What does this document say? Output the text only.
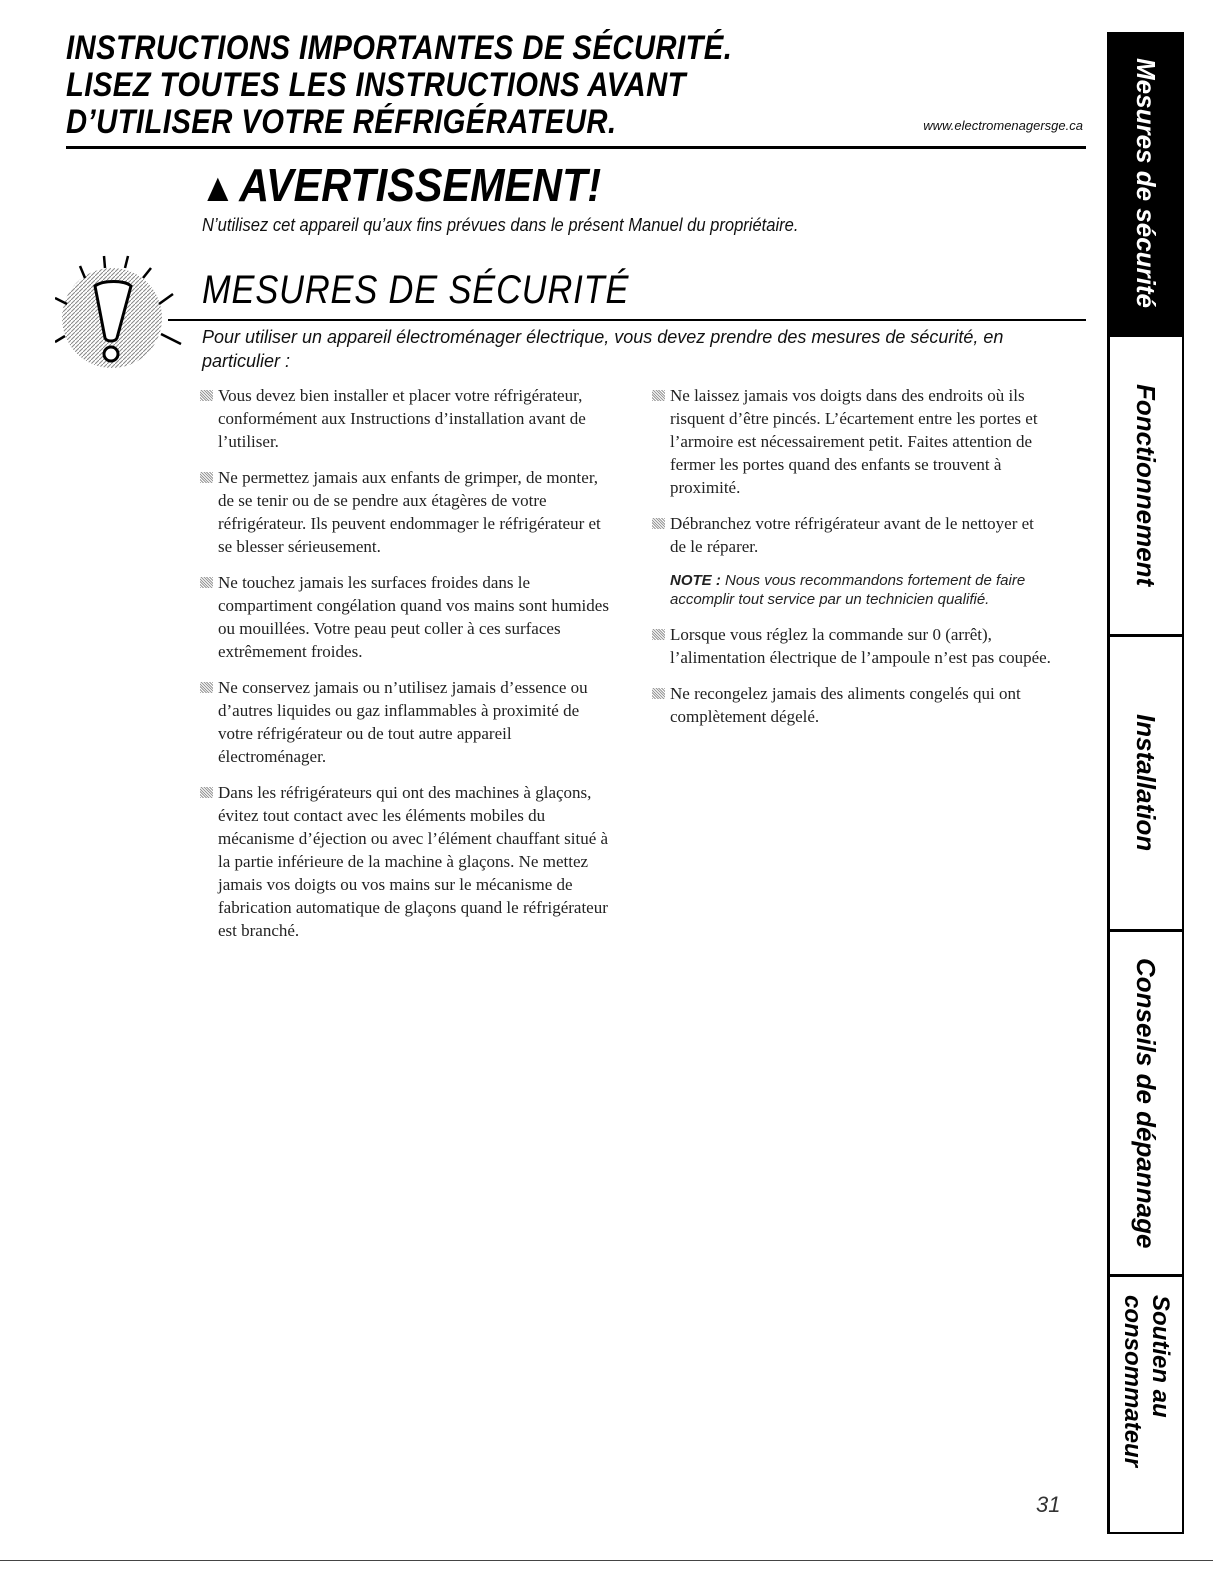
INSTRUCTIONS IMPORTANTES DE SÉCURITÉ.
LISEZ TOUTES LES INSTRUCTIONS AVANT
D’UTILISER VOTRE RÉFRIGÉRATEUR.	www.electromenagersge.ca
▲AVERTISSEMENT!
N’utilisez cet appareil qu’aux fins prévues dans le présent Manuel du propriétaire.
MESURES DE SÉCURITÉ
Pour utiliser un appareil électroménager électrique, vous devez prendre des mesures de sécurité, en particulier :
Vous devez bien installer et placer votre réfrigérateur, conformément aux Instructions d’installation avant de l’utiliser.
Ne permettez jamais aux enfants de grimper, de monter, de se tenir ou de se pendre aux étagères de votre réfrigérateur. Ils peuvent endommager le réfrigérateur et se blesser sérieusement.
Ne touchez jamais les surfaces froides dans le compartiment congélation quand vos mains sont humides ou mouillées. Votre peau peut coller à ces surfaces extrêmement froides.
Ne conservez jamais ou n’utilisez jamais d’essence ou d’autres liquides ou gaz inflammables à proximité de votre réfrigérateur ou de tout autre appareil électroménager.
Dans les réfrigérateurs qui ont des machines à glaçons, évitez tout contact avec les éléments mobiles du mécanisme d’éjection ou avec l’élément chauffant situé à la partie inférieure de la machine à glaçons. Ne mettez jamais vos doigts ou vos mains sur le mécanisme de fabrication automatique de glaçons quand le réfrigérateur est branché.
Ne laissez jamais vos doigts dans des endroits où ils risquent d’être pincés. L’écartement entre les portes et l’armoire est nécessairement petit. Faites attention de fermer les portes quand des enfants se trouvent à proximité.
Débranchez votre réfrigérateur avant de le nettoyer et de le réparer.
NOTE : Nous vous recommandons fortement de faire accomplir tout service par un technicien qualifié.
Lorsque vous réglez la commande sur 0 (arrêt), l’alimentation électrique de l’ampoule n’est pas coupée.
Ne recongelez jamais des aliments congelés qui ont complètement dégelé.
31
Mesures de sécurité
Fonctionnement
Installation
Conseils de dépannage
Soutien au consommateur
